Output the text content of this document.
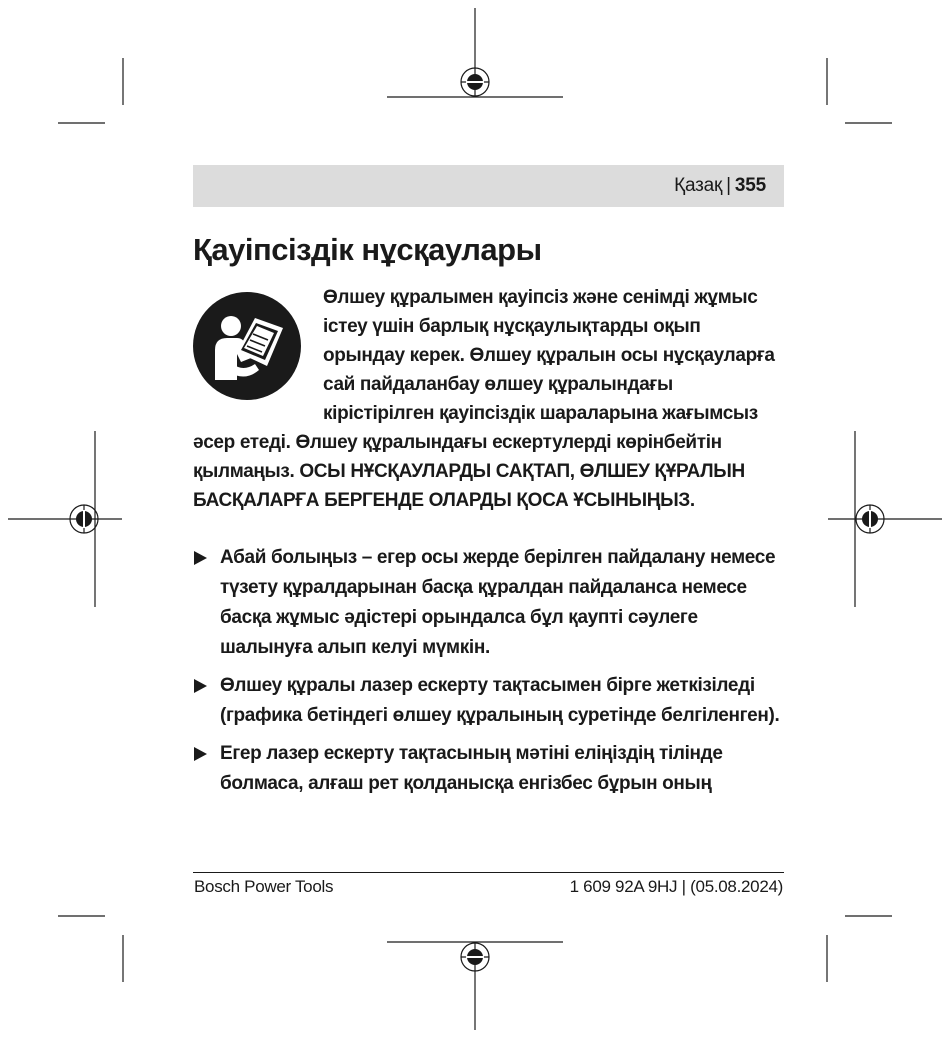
Қазақ | 355
Қауіпсіздік нұсқаулары

Өлшеу құралымен қауіпсіз және сенімді жұмыс істеу үшін барлық нұсқаулықтарды оқып орындау керек. Өлшеу құралын осы нұсқауларға сай пайдаланбау өлшеу құралындағы кірістірілген қауіпсіздік шараларына жағымсыз әсер етеді. Өлшеу құралындағы ескертулерді көрінбейтін қылмаңыз. ОСЫ НҰСҚАУЛАРДЫ САҚТАП, ӨЛШЕУ ҚҰРАЛЫН БАСҚАЛАРҒА БЕРГЕНДЕ ОЛАРДЫ ҚОСА ҰСЫНЫҢЫЗ.

Абай болыңыз – егер осы жерде берілген пайдалану немесе түзету құралдарынан басқа құралдан пайдаланса немесе басқа жұмыс әдістері орындалса бұл қаупті сәулеге шалынуға алып келуі мүмкін.
Өлшеу құралы лазер ескерту тақтасымен бірге жеткізіледі (графика бетіндегі өлшеу құралының суретінде белгіленген).
Егер лазер ескерту тақтасының мәтіні еліңіздің тілінде болмаса, алғаш рет қолданысқа енгізбес бұрын оның
Bosch Power Tools	1 609 92A 9HJ | (05.08.2024)
